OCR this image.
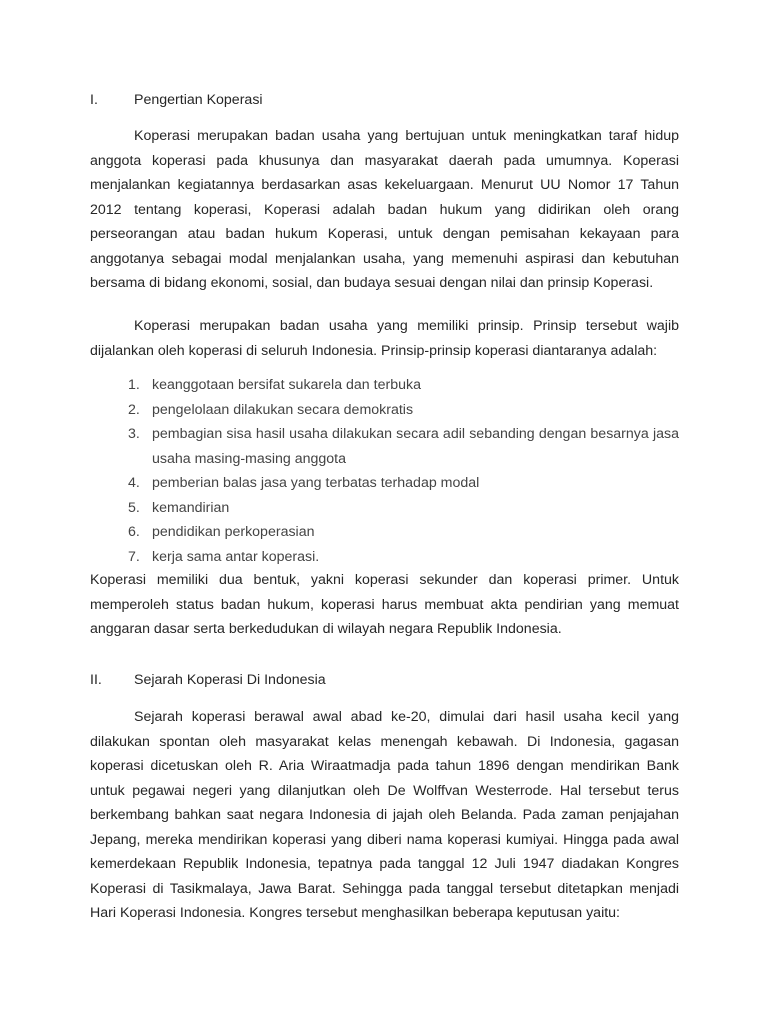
I.	Pengertian Koperasi
Koperasi merupakan badan usaha yang bertujuan untuk meningkatkan taraf hidup anggota koperasi pada khusunya dan masyarakat daerah pada umumnya. Koperasi menjalankan kegiatannya berdasarkan asas kekeluargaan. Menurut UU Nomor 17 Tahun 2012 tentang koperasi, Koperasi adalah badan hukum yang didirikan oleh orang perseorangan atau badan hukum Koperasi, untuk dengan pemisahan kekayaan para anggotanya sebagai modal menjalankan usaha, yang memenuhi aspirasi dan kebutuhan bersama di bidang ekonomi, sosial, dan budaya sesuai dengan nilai dan prinsip Koperasi.
Koperasi merupakan badan usaha yang memiliki prinsip. Prinsip tersebut wajib dijalankan oleh koperasi di seluruh Indonesia. Prinsip-prinsip koperasi diantaranya adalah:
1. keanggotaan bersifat sukarela dan terbuka
2. pengelolaan dilakukan secara demokratis
3. pembagian sisa hasil usaha dilakukan secara adil sebanding dengan besarnya jasa usaha masing-masing anggota
4. pemberian balas jasa yang terbatas terhadap modal
5. kemandirian
6. pendidikan perkoperasian
7. kerja sama antar koperasi.
Koperasi memiliki dua bentuk, yakni koperasi sekunder dan koperasi primer. Untuk memperoleh status badan hukum, koperasi harus membuat akta pendirian yang memuat anggaran dasar serta berkedudukan di wilayah negara Republik Indonesia.
II. Sejarah Koperasi Di Indonesia
Sejarah koperasi berawal awal abad ke-20, dimulai dari hasil usaha kecil yang dilakukan spontan oleh masyarakat kelas menengah kebawah. Di Indonesia, gagasan koperasi dicetuskan oleh R. Aria Wiraatmadja pada tahun 1896 dengan mendirikan Bank untuk pegawai negeri yang dilanjutkan oleh De Wolffvan Westerrode. Hal tersebut terus berkembang bahkan saat negara Indonesia di jajah oleh Belanda. Pada zaman penjajahan Jepang, mereka mendirikan koperasi yang diberi nama koperasi kumiyai. Hingga pada awal kemerdekaan Republik Indonesia, tepatnya pada tanggal 12 Juli 1947 diadakan Kongres Koperasi di Tasikmalaya, Jawa Barat. Sehingga pada tanggal tersebut ditetapkan menjadi Hari Koperasi Indonesia. Kongres tersebut menghasilkan beberapa keputusan yaitu:
